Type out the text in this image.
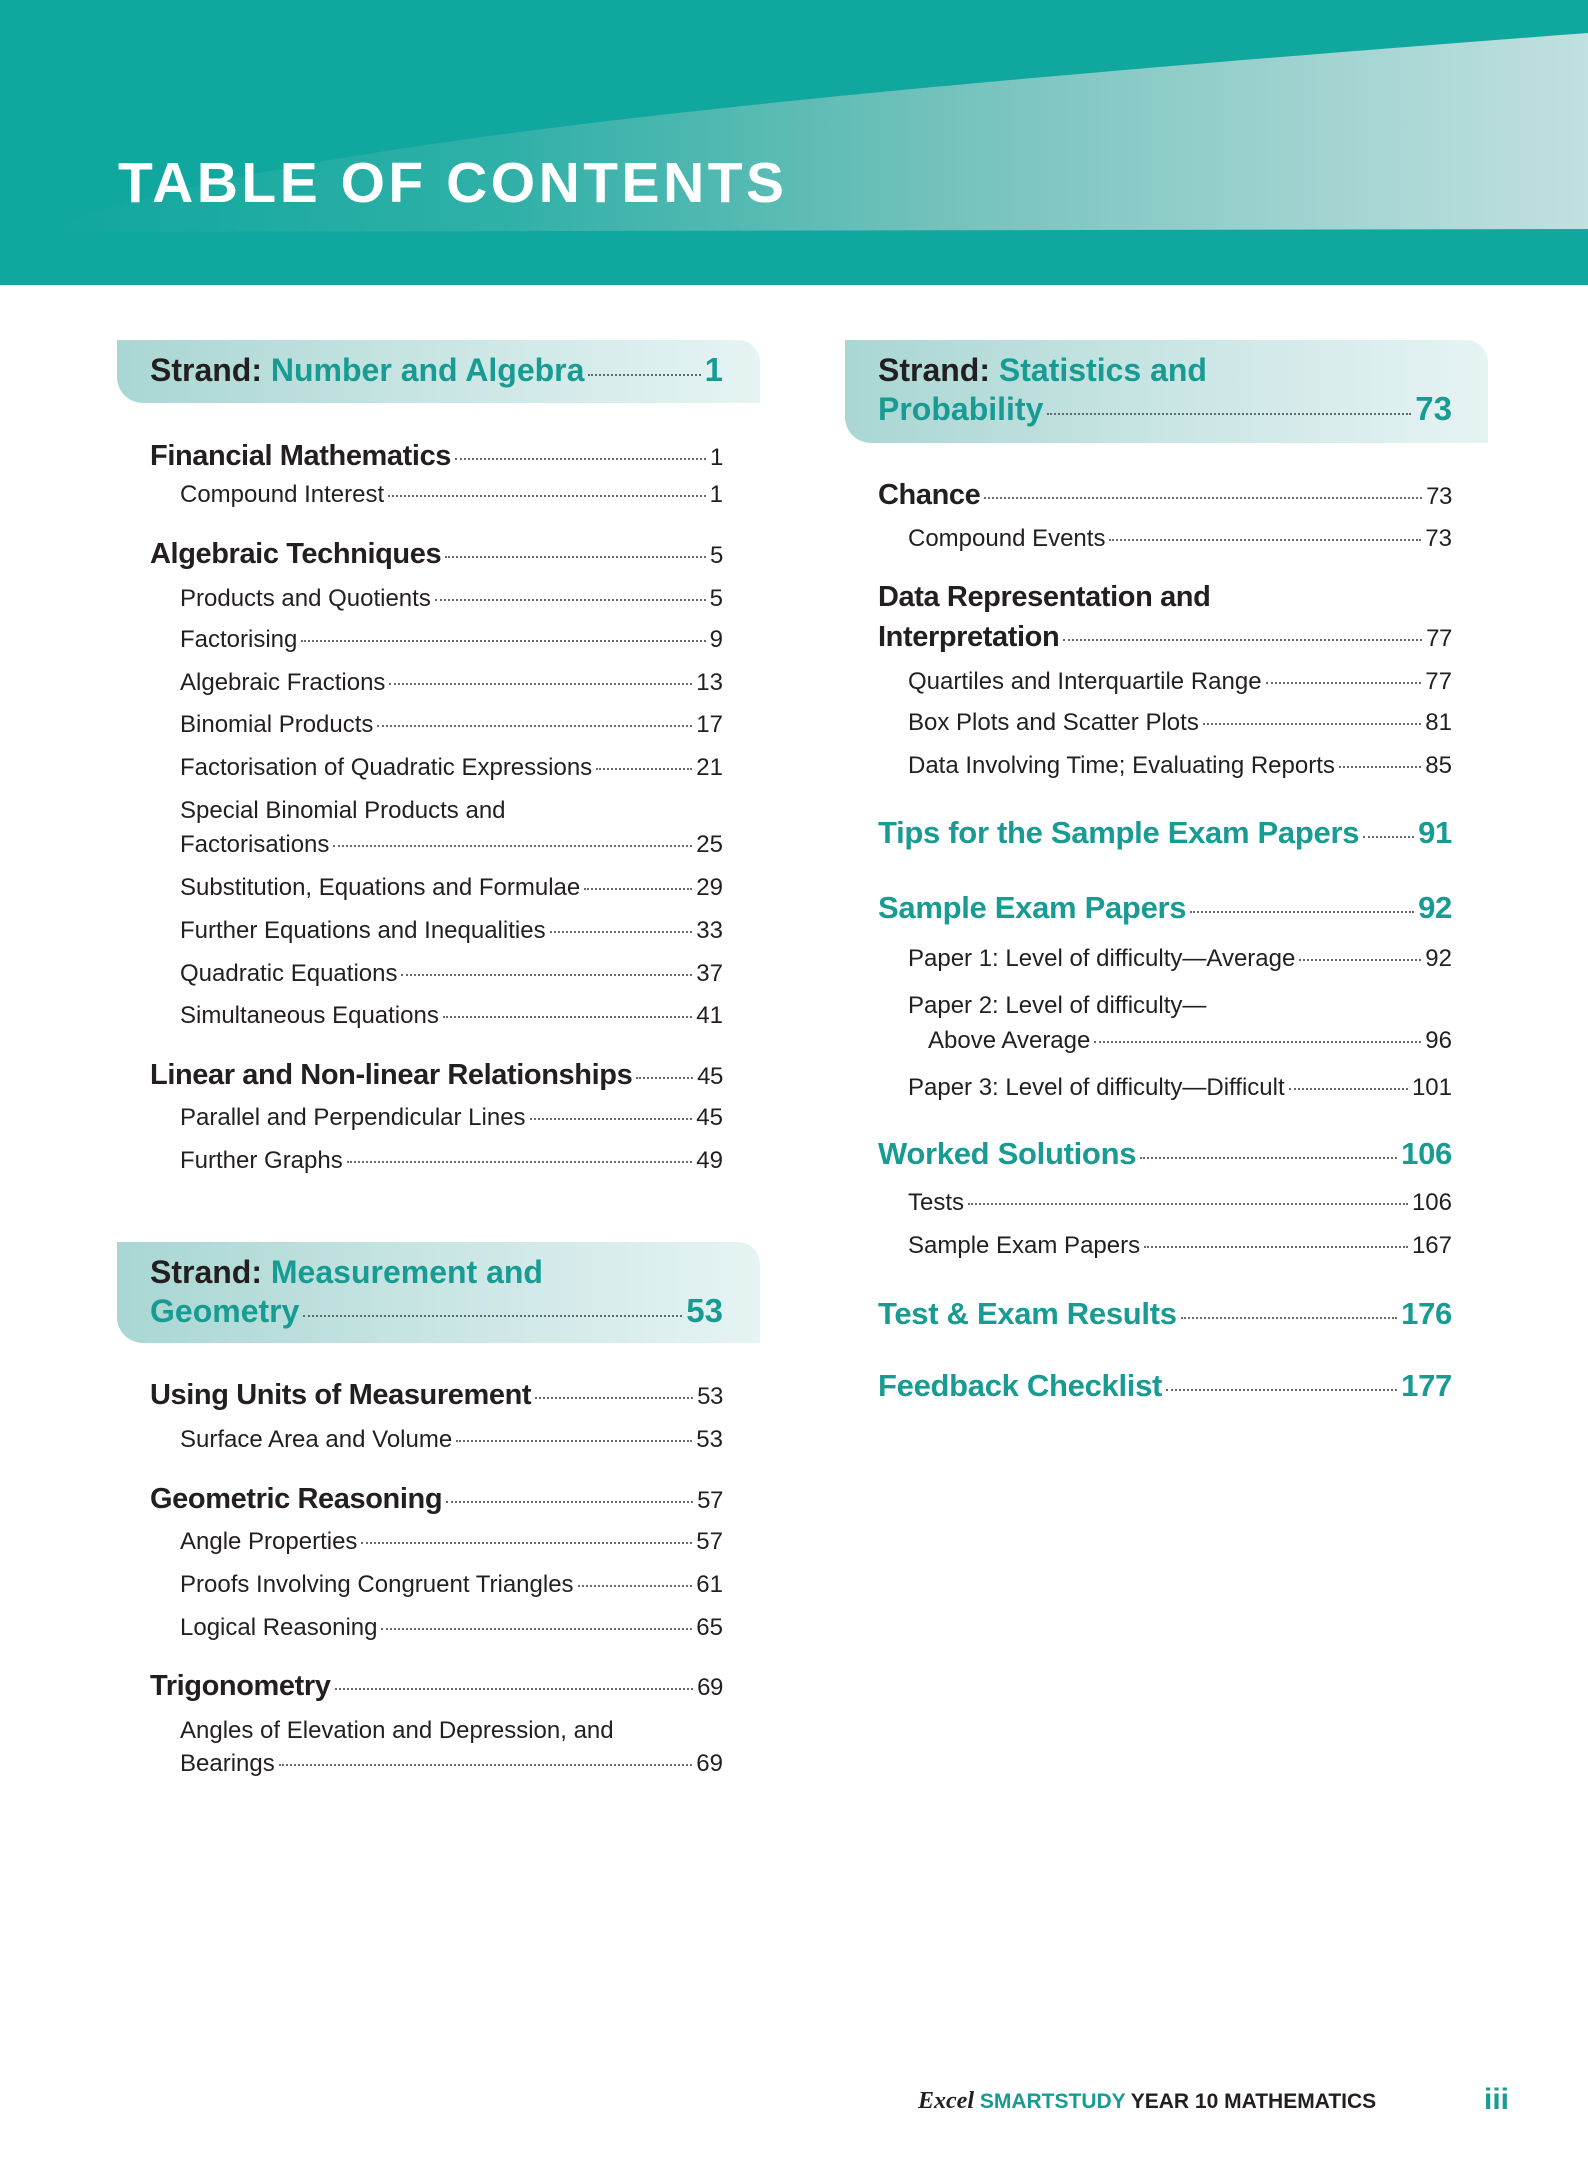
TABLE OF CONTENTS
Strand: Number and Algebra	1
Financial Mathematics	1
Compound Interest	1
Algebraic Techniques	5
Products and Quotients	5
Factorising	9
Algebraic Fractions	13
Binomial Products	17
Factorisation of Quadratic Expressions	21
Special Binomial Products and
Factorisations	25
Substitution, Equations and Formulae	29
Further Equations and Inequalities	33
Quadratic Equations	37
Simultaneous Equations	41
Linear and Non-linear Relationships	45
Parallel and Perpendicular Lines	45
Further Graphs	49
Strand: Measurement and
Geometry	53
Using Units of Measurement	53
Surface Area and Volume	53
Geometric Reasoning	57
Angle Properties	57
Proofs Involving Congruent Triangles	61
Logical Reasoning	65
Trigonometry	69
Angles of Elevation and Depression, and
Bearings	69
Strand: Statistics and
Probability	73
Chance	73
Compound Events	73
Data Representation and
Interpretation	77
Quartiles and Interquartile Range	77
Box Plots and Scatter Plots	81
Data Involving Time; Evaluating Reports	85
Tips for the Sample Exam Papers 91
Sample Exam Papers	92
Paper 1: Level of difficulty—Average	92
Paper 2: Level of difficulty—
Above Average	96
Paper 3: Level of difficulty—Difficult	101
Worked Solutions	106
Tests	106
Sample Exam Papers	167
Test & Exam Results	176
Feedback Checklist	177
Excel SMARTSTUDY YEAR 10 MATHEMATICS	iii
